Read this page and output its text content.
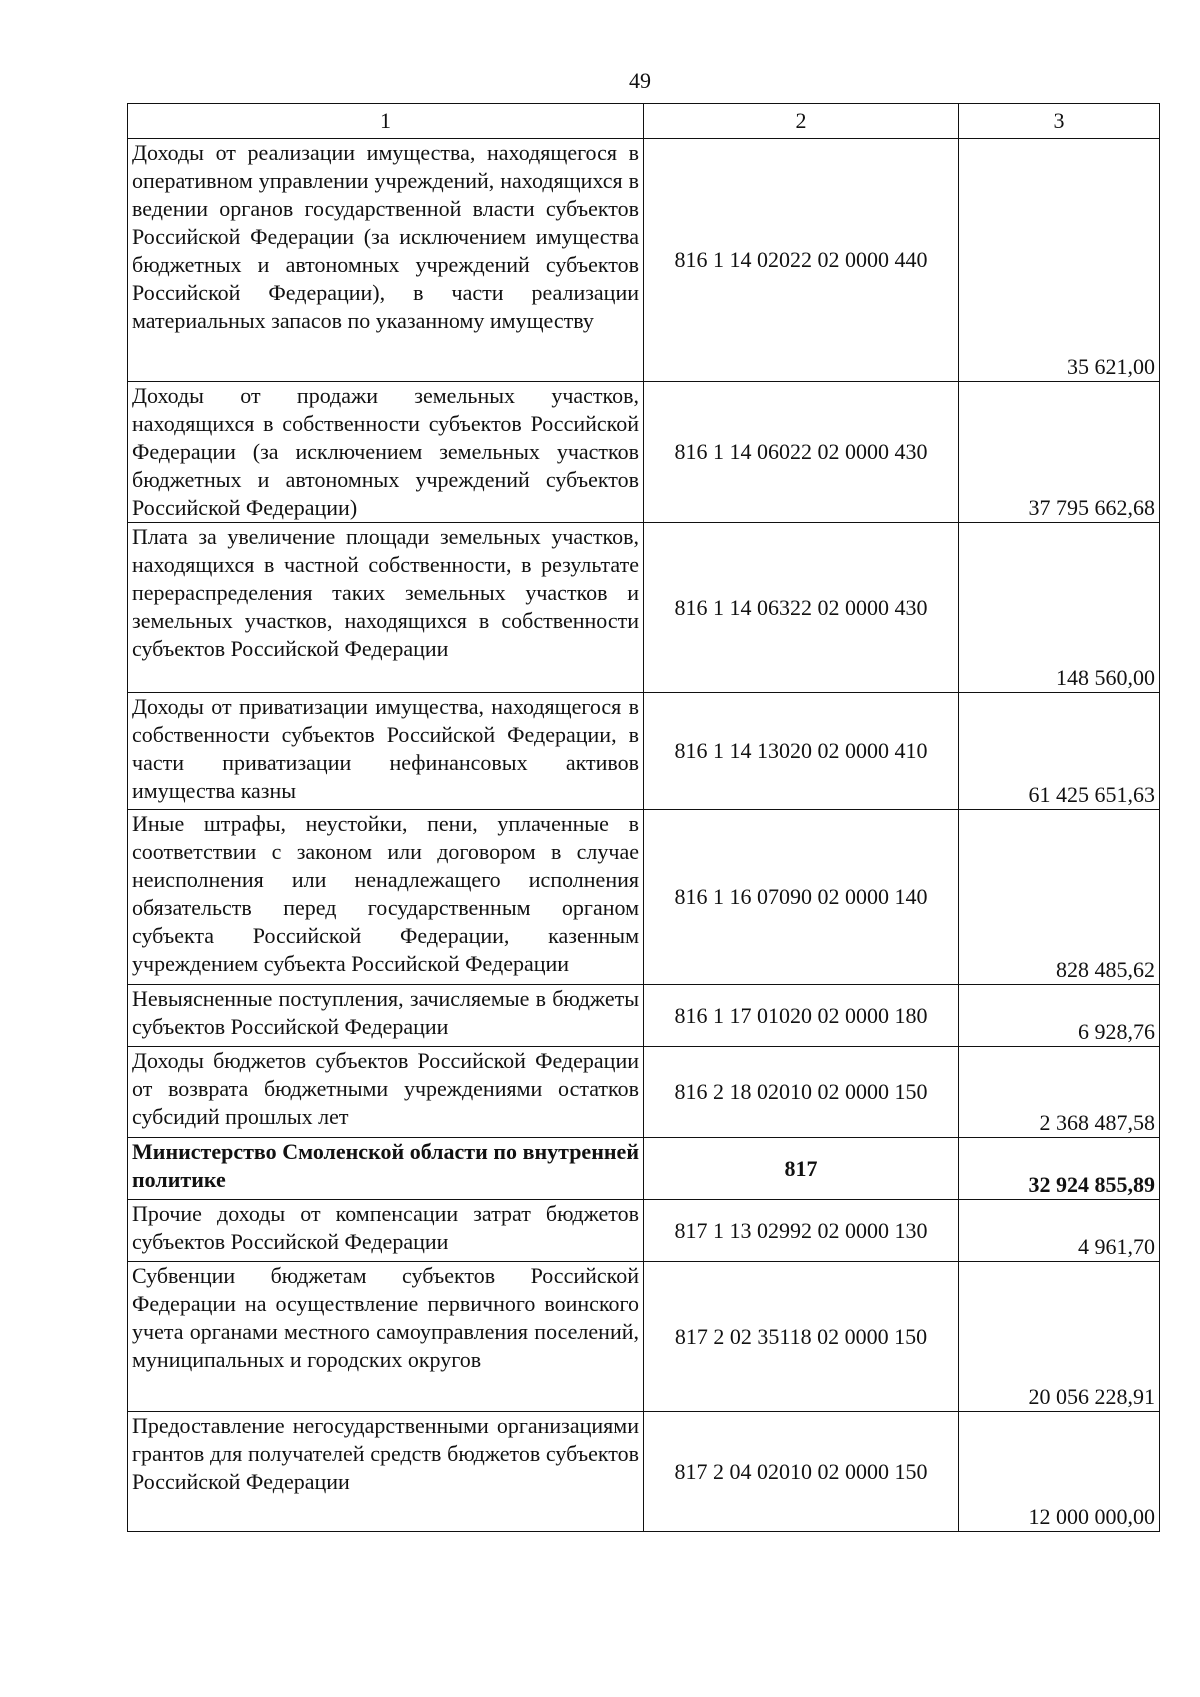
49
1	2	3
Доходы от реализации имущества, находящегося в оперативном управлении учреждений, находящихся в ведении органов государственной власти субъектов Российской Федерации (за исключением имущества бюджетных и автономных учреждений субъектов Российской Федерации), в части реализации материальных запасов по указанному имуществу	816 1 14 02022 02 0000 440	35 621,00
Доходы от продажи земельных участков, находящихся в собственности субъектов Российской Федерации (за исключением земельных участков бюджетных и автономных учреждений субъектов Российской Федерации)	816 1 14 06022 02 0000 430	37 795 662,68
Плата за увеличение площади земельных участков, находящихся в частной собственности, в результате перераспределения таких земельных участков и земельных участков, находящихся в собственности субъектов Российской Федерации	816 1 14 06322 02 0000 430	148 560,00
Доходы от приватизации имущества, находящегося в собственности субъектов Российской Федерации, в части приватизации нефинансовых активов имущества казны	816 1 14 13020 02 0000 410	61 425 651,63
Иные штрафы, неустойки, пени, уплаченные в соответствии с законом или договором в случае неисполнения или ненадлежащего исполнения обязательств перед государственным органом субъекта Российской Федерации, казенным учреждением субъекта Российской Федерации	816 1 16 07090 02 0000 140	828 485,62
Невыясненные поступления, зачисляемые в бюджеты субъектов Российской Федерации	816 1 17 01020 02 0000 180	6 928,76
Доходы бюджетов субъектов Российской Федерации от возврата бюджетными учреждениями остатков субсидий прошлых лет	816 2 18 02010 02 0000 150	2 368 487,58
Министерство Смоленской области по внутренней политике	817	32 924 855,89
Прочие доходы от компенсации затрат бюджетов субъектов Российской Федерации	817 1 13 02992 02 0000 130	4 961,70
Субвенции бюджетам субъектов Российской Федерации на осуществление первичного воинского учета органами местного самоуправления поселений, муниципальных и городских округов	817 2 02 35118 02 0000 150	20 056 228,91
Предоставление негосударственными организациями грантов для получателей средств бюджетов субъектов Российской Федерации	817 2 04 02010 02 0000 150	12 000 000,00
